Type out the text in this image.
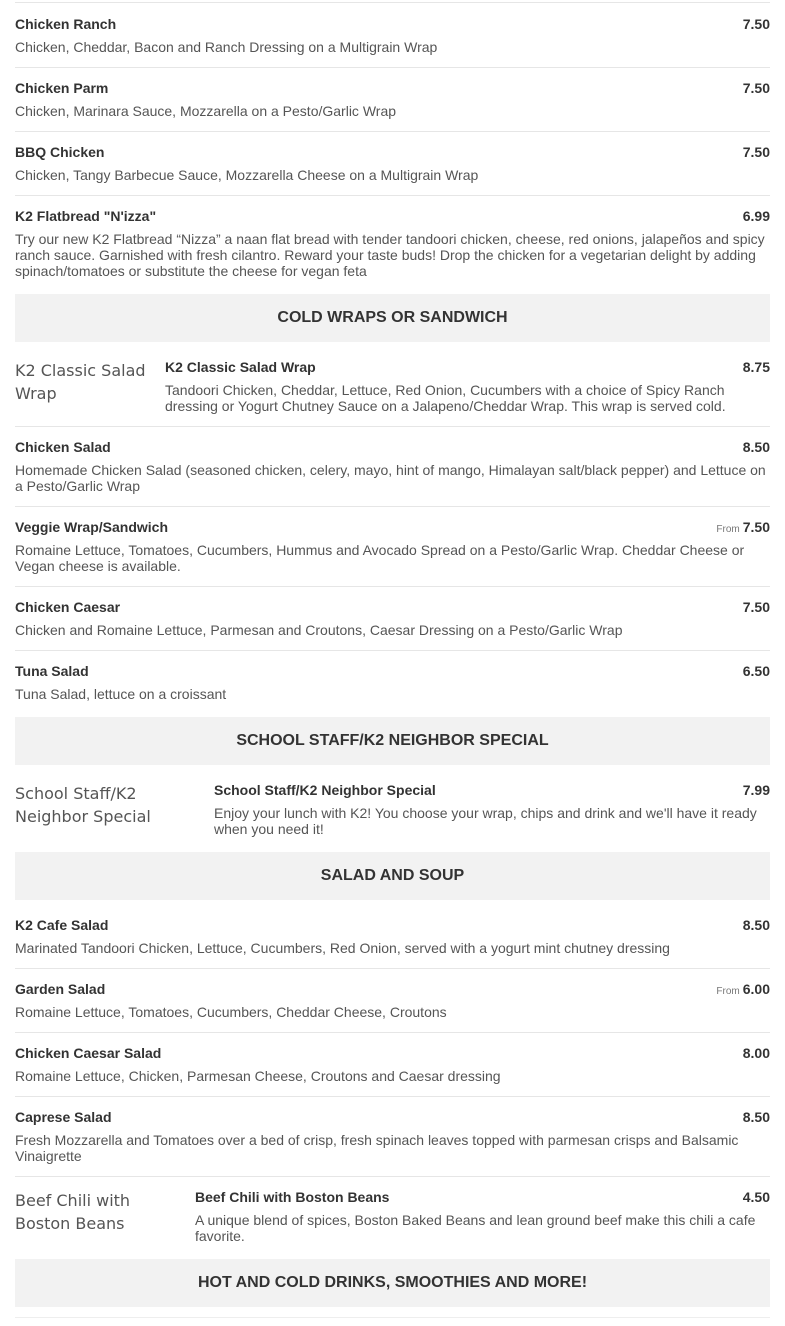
Chicken Ranch	7.50
Chicken, Cheddar, Bacon and Ranch Dressing on a Multigrain Wrap
Chicken Parm	7.50
Chicken, Marinara Sauce, Mozzarella on a Pesto/Garlic Wrap
BBQ Chicken	7.50
Chicken, Tangy Barbecue Sauce, Mozzarella Cheese on a Multigrain Wrap
K2 Flatbread "N'izza"	6.99
Try our new K2 Flatbread “Nizza” a naan flat bread with tender tandoori chicken, cheese, red onions, jalapeños and spicy ranch sauce. Garnished with fresh cilantro. Reward your taste buds! Drop the chicken for a vegetarian delight by adding spinach/tomatoes or substitute the cheese for vegan feta
COLD WRAPS OR SANDWICH
K2 Classic Salad Wrap
K2 Classic Salad Wrap	8.75
Tandoori Chicken, Cheddar, Lettuce, Red Onion, Cucumbers with a choice of Spicy Ranch dressing or Yogurt Chutney Sauce on a Jalapeno/Cheddar Wrap. This wrap is served cold.
Chicken Salad	8.50
Homemade Chicken Salad (seasoned chicken, celery, mayo, hint of mango, Himalayan salt/black pepper) and Lettuce on a Pesto/Garlic Wrap
Veggie Wrap/Sandwich	From 7.50
Romaine Lettuce, Tomatoes, Cucumbers, Hummus and Avocado Spread on a Pesto/Garlic Wrap. Cheddar Cheese or Vegan cheese is available.
Chicken Caesar	7.50
Chicken and Romaine Lettuce, Parmesan and Croutons, Caesar Dressing on a Pesto/Garlic Wrap
Tuna Salad	6.50
Tuna Salad, lettuce on a croissant
SCHOOL STAFF/K2 NEIGHBOR SPECIAL
School Staff/K2 Neighbor Special
School Staff/K2 Neighbor Special	7.99
Enjoy your lunch with K2! You choose your wrap, chips and drink and we'll have it ready when you need it!
SALAD AND SOUP
K2 Cafe Salad	8.50
Marinated Tandoori Chicken, Lettuce, Cucumbers, Red Onion, served with a yogurt mint chutney dressing
Garden Salad	From 6.00
Romaine Lettuce, Tomatoes, Cucumbers, Cheddar Cheese, Croutons
Chicken Caesar Salad	8.00
Romaine Lettuce, Chicken, Parmesan Cheese, Croutons and Caesar dressing
Caprese Salad	8.50
Fresh Mozzarella and Tomatoes over a bed of crisp, fresh spinach leaves topped with parmesan crisps and Balsamic Vinaigrette
Beef Chili with Boston Beans
Beef Chili with Boston Beans	4.50
A unique blend of spices, Boston Baked Beans and lean ground beef make this chili a cafe favorite.
HOT AND COLD DRINKS, SMOOTHIES AND MORE!
